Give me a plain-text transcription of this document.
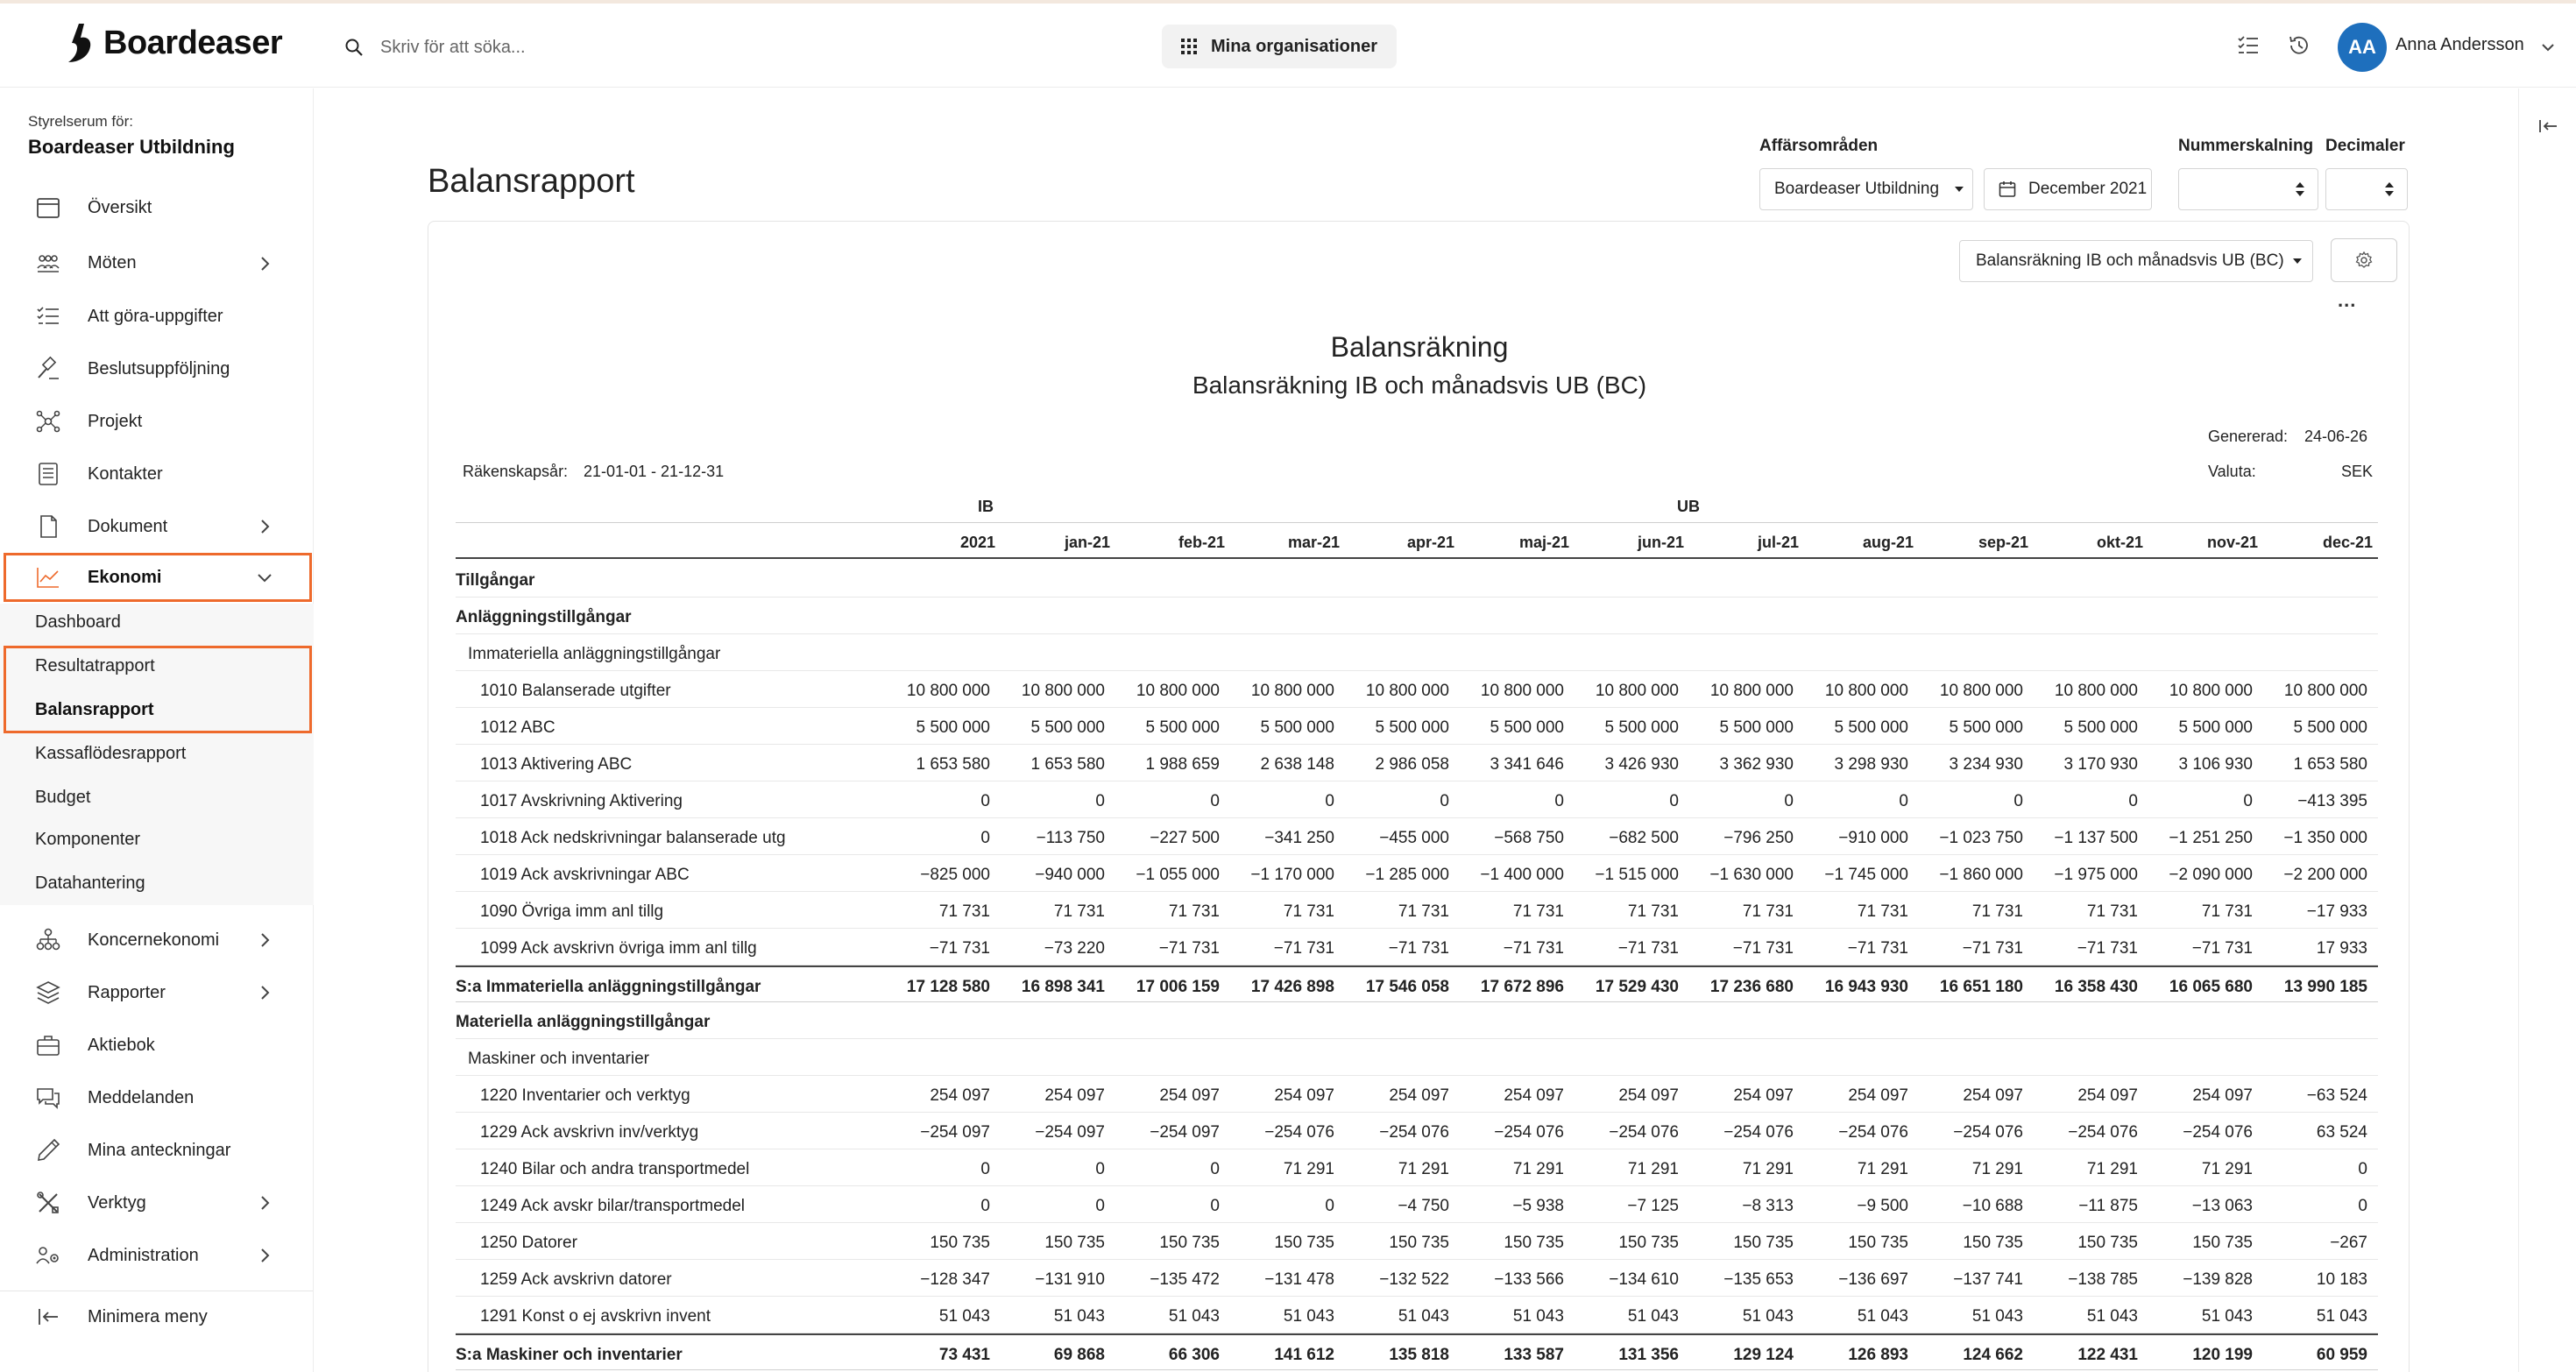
Boardeaser
Skriv för att söka...	Mina organisationer	AA	Anna Andersson
Styrelserum för:
Boardeaser Utbildning
Översikt
Möten
Att göra-uppgifter
Beslutsuppföljning
Projekt
Kontakter
Dokument
Ekonomi
Dashboard
Resultatrapport
Balansrapport
Kassaflödesrapport
Budget
Komponenter
Datahantering
Koncernekonomi
Rapporter
Aktiebok
Meddelanden
Mina anteckningar
Verktyg
Administration
Minimera meny
Balansrapport
Affärsområden
Boardeaser Utbildning	December 2021
Nummerskalning Decimaler
Balansräkning IB och månadsvis UB (BC)
...
Balansräkning
Balansräkning IB och månadsvis UB (BC)
Genererad: 24-06-26
Valuta:	SEK
Räkenskapsår: 21-01-01 - 21-12-31
IB	UB
2021	jan-21	feb-21	mar-21	apr-21	maj-21	jun-21	jul-21	aug-21	sep-21	okt-21	nov-21	dec-21
Tillgångar
Anläggningstillgångar
Immateriella anläggningstillgångar
1010 Balanserade utgifter	10 800 000	10 800 000	10 800 000	10 800 000	10 800 000	10 800 000	10 800 000	10 800 000	10 800 000	10 800 000	10 800 000	10 800 000	10 800 000
1012 ABC	5 500 000	5 500 000	5 500 000	5 500 000	5 500 000	5 500 000	5 500 000	5 500 000	5 500 000	5 500 000	5 500 000	5 500 000	5 500 000
1013 Aktivering ABC	1 653 580	1 653 580	1 988 659	2 638 148	2 986 058	3 341 646	3 426 930	3 362 930	3 298 930	3 234 930	3 170 930	3 106 930	1 653 580
1017 Avskrivning Aktivering	0	0	0	0	0	0	0	0	0	0	0	0	−413 395
1018 Ack nedskrivningar balanserade utg	0	−113 750	−227 500	−341 250	−455 000	−568 750	−682 500	−796 250	−910 000	−1 023 750	−1 137 500	−1 251 250	−1 350 000
1019 Ack avskrivningar ABC	−825 000	−940 000	−1 055 000	−1 170 000	−1 285 000	−1 400 000	−1 515 000	−1 630 000	−1 745 000	−1 860 000	−1 975 000	−2 090 000	−2 200 000
1090 Övriga imm anl tillg	71 731	71 731	71 731	71 731	71 731	71 731	71 731	71 731	71 731	71 731	71 731	71 731	−17 933
1099 Ack avskrivn övriga imm anl tillg	−71 731	−73 220	−71 731	−71 731	−71 731	−71 731	−71 731	−71 731	−71 731	−71 731	−71 731	−71 731	17 933
S:a Immateriella anläggningstillgångar	17 128 580	16 898 341	17 006 159	17 426 898	17 546 058	17 672 896	17 529 430	17 236 680	16 943 930	16 651 180	16 358 430	16 065 680	13 990 185
Materiella anläggningstillgångar
Maskiner och inventarier
1220 Inventarier och verktyg	254 097	254 097	254 097	254 097	254 097	254 097	254 097	254 097	254 097	254 097	254 097	254 097	−63 524
1229 Ack avskrivn inv/verktyg	−254 097	−254 097	−254 097	−254 076	−254 076	−254 076	−254 076	−254 076	−254 076	−254 076	−254 076	−254 076	63 524
1240 Bilar och andra transportmedel	0	0	0	71 291	71 291	71 291	71 291	71 291	71 291	71 291	71 291	71 291	0
1249 Ack avskr bilar/transportmedel	0	0	0	0	−4 750	−5 938	−7 125	−8 313	−9 500	−10 688	−11 875	−13 063	0
1250 Datorer	150 735	150 735	150 735	150 735	150 735	150 735	150 735	150 735	150 735	150 735	150 735	150 735	−267
1259 Ack avskrivn datorer	−128 347	−131 910	−135 472	−131 478	−132 522	−133 566	−134 610	−135 653	−136 697	−137 741	−138 785	−139 828	10 183
1291 Konst o ej avskrivn invent	51 043	51 043	51 043	51 043	51 043	51 043	51 043	51 043	51 043	51 043	51 043	51 043	51 043
S:a Maskiner och inventarier	73 431	69 868	66 306	141 612	135 818	133 587	131 356	129 124	126 893	124 662	122 431	120 199	60 959
